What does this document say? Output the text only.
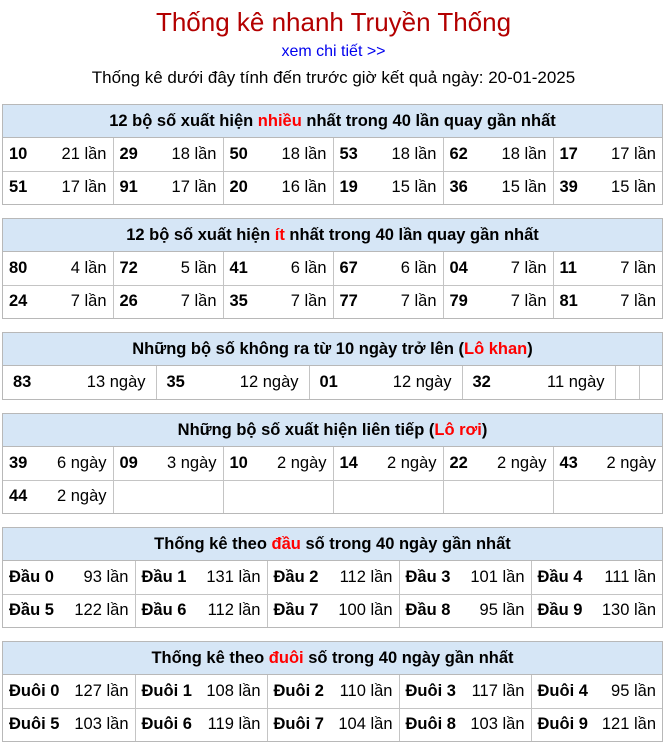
Thống kê nhanh Truyền Thống
xem chi tiết >>
Thống kê dưới đây tính đến trước giờ kết quả ngày: 20-01-2025
12 bộ số xuất hiện nhiều nhất trong 40 lần quay gần nhất
10 21 lần	29 18 lần	50 18 lần	53 18 lần	62 18 lần	17 17 lần

51 17 lần	91 17 lần	20 16 lần	19 15 lần	36 15 lần	39 15 lần
12 bộ số xuất hiện ít nhất trong 40 lần quay gần nhất
80 4 lần	72 5 lần	41 6 lần	67 6 lần	04 7 lần	11 7 lần

24 7 lần	26 7 lần	35 7 lần	77 7 lần	79 7 lần	81 7 lần
Những bộ số không ra từ 10 ngày trở lên (Lô khan)
83	13 ngày	35	12 ngày	01	12 ngày	32	11 ngày

Những bộ số xuất hiện liên tiếp (Lô rơi)
39 6 ngày	09 3 ngày	10 2 ngày	14 2 ngày	22 2 ngày	43 2 ngày

44 2 ngày					

Thống kê theo đầu số trong 40 ngày gần nhất
Đầu 0 93 lần	Đầu 1 131 lần	Đầu 2 112 lần	Đầu 3 101 lần	Đầu 4 111 lần

Đầu 5 122 lần	Đầu 6 112 lần	Đầu 7 100 lần	Đầu 8 95 lần	Đầu 9 130 lần
Thống kê theo đuôi số trong 40 ngày gần nhất
Đuôi 0 127 lần	Đuôi 1 108 lần	Đuôi 2 110 lần	Đuôi 3 117 lần	Đuôi 4 95 lần

Đuôi 5 103 lần	Đuôi 6 119 lần	Đuôi 7 104 lần	Đuôi 8 103 lần	Đuôi 9 121 lần
